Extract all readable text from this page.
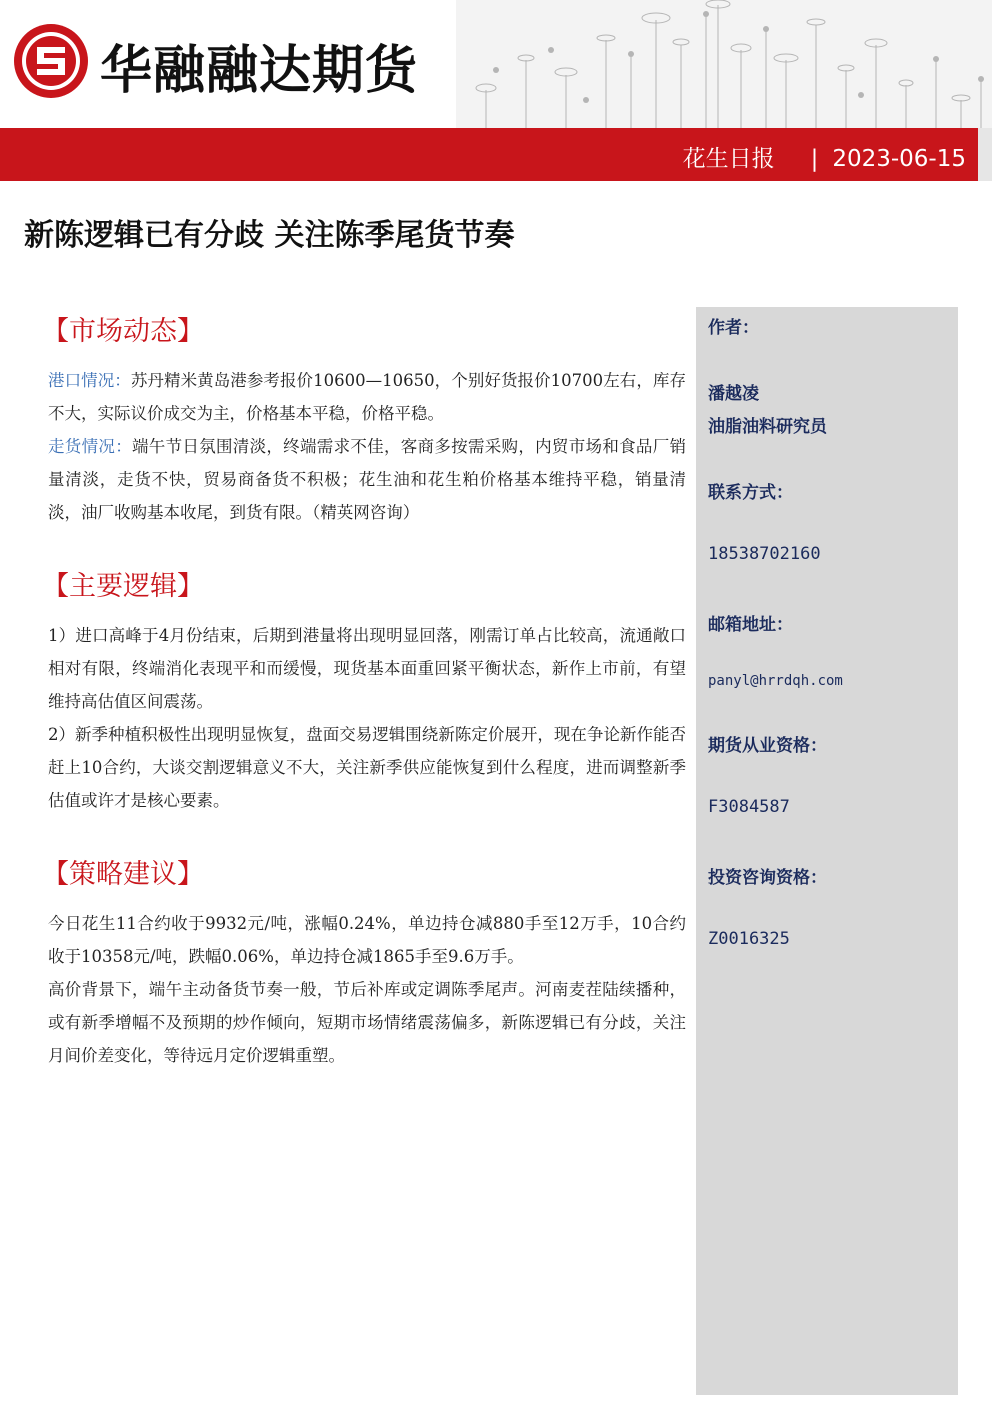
华融融达期货
花生日报 | 2023-06-15
新陈逻辑已有分歧 关注陈季尾货节奏
【市场动态】

港口情况：苏丹精米黄岛港参考报价10600—10650，个别好货报价10700左右，库存不大，实际议价成交为主，价格基本平稳，价格平稳。

走货情况：端午节日氛围清淡，终端需求不佳，客商多按需采购，内贸市场和食品厂销量清淡，走货不快，贸易商备货不积极；花生油和花生粕价格基本维持平稳，销量清淡，油厂收购基本收尾，到货有限。（精英网咨询）

【主要逻辑】

1）进口高峰于4月份结束，后期到港量将出现明显回落，刚需订单占比较高，流通敞口相对有限，终端消化表现平和而缓慢，现货基本面重回紧平衡状态，新作上市前，有望维持高估值区间震荡。

2）新季种植积极性出现明显恢复，盘面交易逻辑围绕新陈定价展开，现在争论新作能否赶上10合约，大谈交割逻辑意义不大，关注新季供应能恢复到什么程度，进而调整新季估值或许才是核心要素。

【策略建议】

今日花生11合约收于9932元/吨，涨幅0.24%，单边持仓减880手至12万手，10合约收于10358元/吨，跌幅0.06%，单边持仓减1865手至9.6万手。

高价背景下，端午主动备货节奏一般，节后补库或定调陈季尾声。河南麦茬陆续播种，或有新季增幅不及预期的炒作倾向，短期市场情绪震荡偏多，新陈逻辑已有分歧，关注月间价差变化，等待远月定价逻辑重塑。

作者：
潘越凌
油脂油料研究员
联系方式：
18538702160
邮箱地址：
panyl@hrrdqh.com
期货从业资格：
F3084587
投资咨询资格：
Z0016325
